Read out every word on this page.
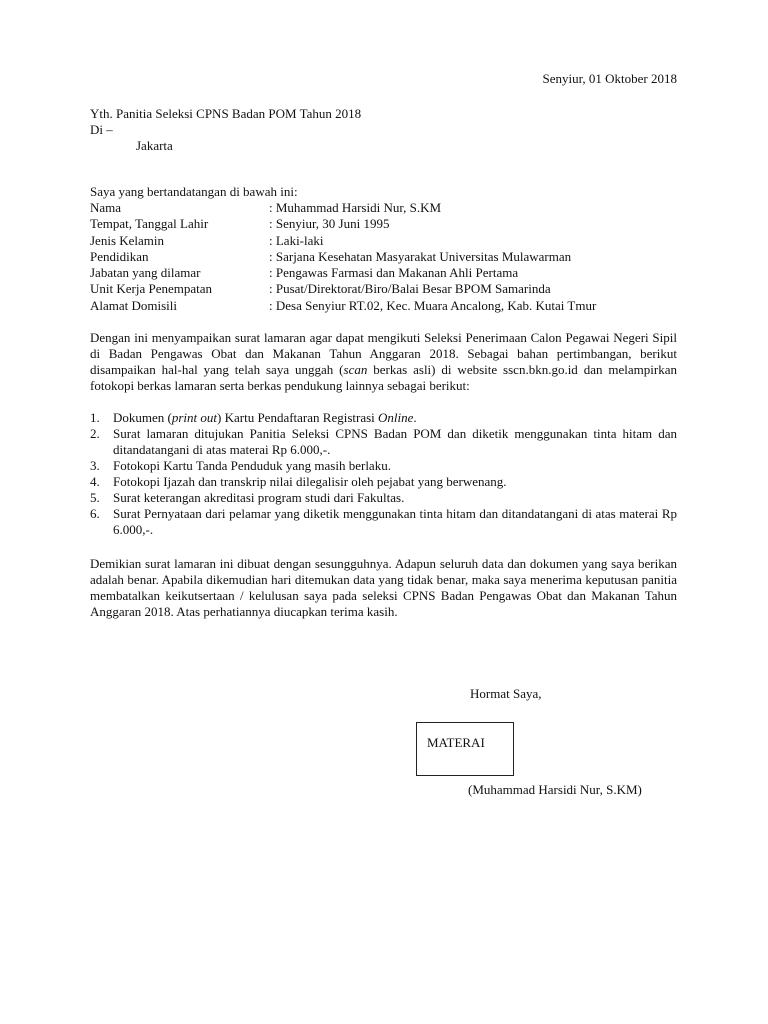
Senyiur, 01 Oktober 2018
Yth. Panitia Seleksi CPNS Badan POM Tahun 2018
Di –
Jakarta
Saya yang bertandatangan di bawah ini:
Nama	: Muhammad Harsidi Nur, S.KM
Tempat, Tanggal Lahir	: Senyiur, 30 Juni 1995
Jenis Kelamin	: Laki-laki
Pendidikan	: Sarjana Kesehatan Masyarakat Universitas Mulawarman
Jabatan yang dilamar	: Pengawas Farmasi dan Makanan Ahli Pertama
Unit Kerja Penempatan	: Pusat/Direktorat/Biro/Balai Besar BPOM Samarinda
Alamat Domisili	: Desa Senyiur RT.02, Kec. Muara Ancalong, Kab. Kutai Tmur
Dengan ini menyampaikan surat lamaran agar dapat mengikuti Seleksi Penerimaan Calon Pegawai Negeri Sipil di Badan Pengawas Obat dan Makanan Tahun Anggaran 2018. Sebagai bahan pertimbangan, berikut disampaikan hal-hal yang telah saya unggah (scan berkas asli) di website sscn.bkn.go.id dan melampirkan fotokopi berkas lamaran serta berkas pendukung lainnya sebagai berikut:
1.	Dokumen (print out) Kartu Pendaftaran Registrasi Online.
2.	Surat lamaran ditujukan Panitia Seleksi CPNS Badan POM dan diketik menggunakan tinta hitam dan ditandatangani di atas materai Rp 6.000,-.
3.	Fotokopi Kartu Tanda Penduduk yang masih berlaku.
4.	Fotokopi Ijazah dan transkrip nilai dilegalisir oleh pejabat yang berwenang.
5.	Surat keterangan akreditasi program studi dari Fakultas.
6.	Surat Pernyataan dari pelamar yang diketik menggunakan tinta hitam dan ditandatangani di atas materai Rp 6.000,-.
Demikian surat lamaran ini dibuat dengan sesungguhnya. Adapun seluruh data dan dokumen yang saya berikan adalah benar. Apabila dikemudian hari ditemukan data yang tidak benar, maka saya menerima keputusan panitia membatalkan keikutsertaan / kelulusan saya pada seleksi CPNS Badan Pengawas Obat dan Makanan Tahun Anggaran 2018. Atas perhatiannya diucapkan terima kasih.
Hormat Saya,
MATERAI
(Muhammad Harsidi Nur, S.KM)
